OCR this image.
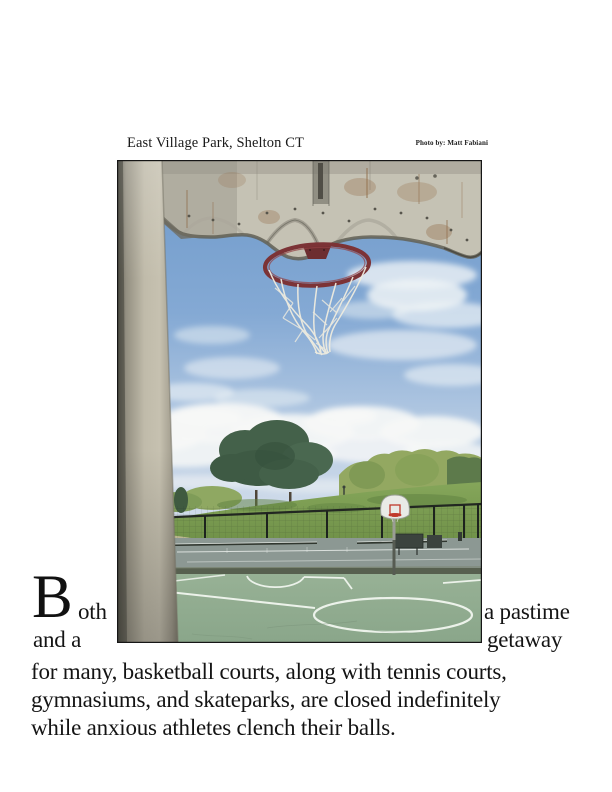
East Village Park, Shelton CT	Photo by: Matt Fabiani
B oth	a pastime
and a	getaway
for many, basketball courts, along with tennis courts,
gymnasiums, and skateparks, are closed indefinitely
while anxious athletes clench their balls.
